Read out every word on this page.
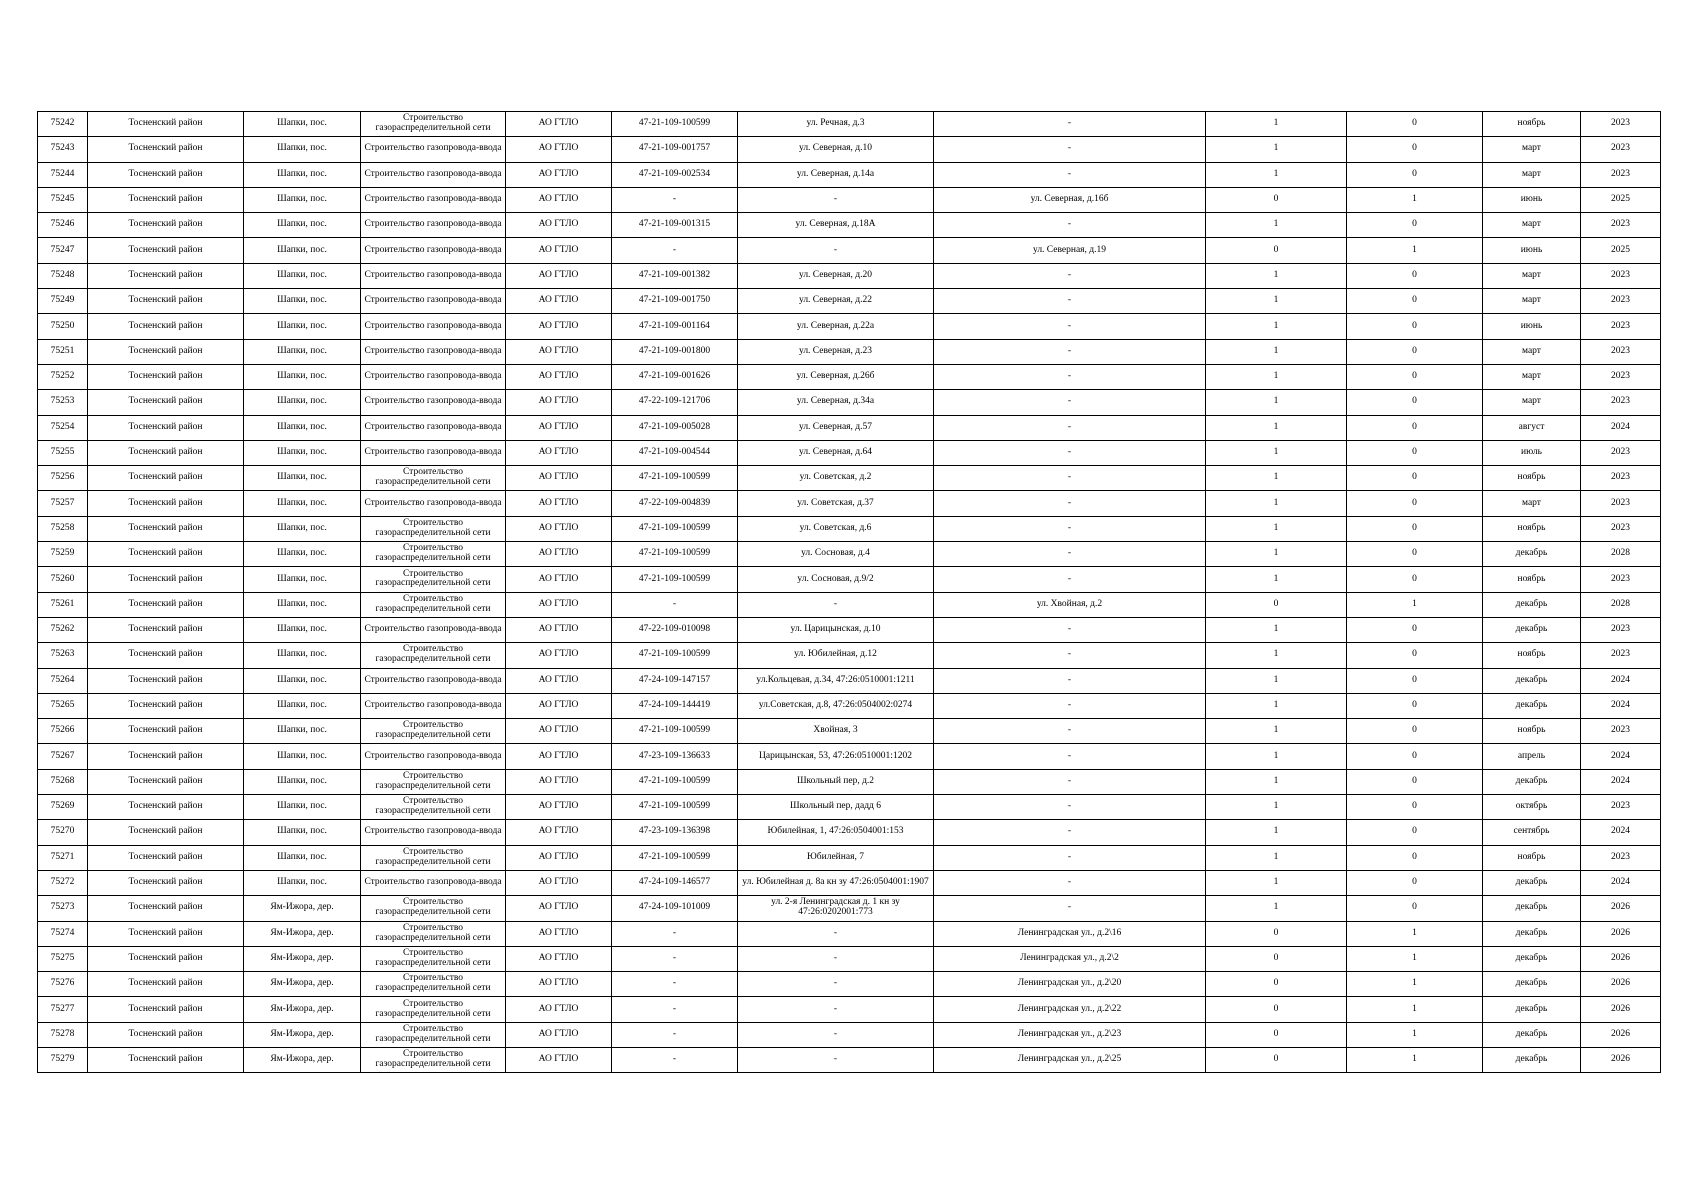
75242	Тосненский район	Шапки, пос.	Строительство газораспределительной сети	АО ГТЛО	47-21-109-100599	ул. Речная, д.3	-	1	0	ноябрь	2023
75243	Тосненский район	Шапки, пос.	Строительство газопровода-ввода	АО ГТЛО	47-21-109-001757	ул. Северная, д.10	-	1	0	март	2023
75244	Тосненский район	Шапки, пос.	Строительство газопровода-ввода	АО ГТЛО	47-21-109-002534	ул. Северная, д.14а	-	1	0	март	2023
75245	Тосненский район	Шапки, пос.	Строительство газопровода-ввода	АО ГТЛО	-	-	ул. Северная, д.16б	0	1	июнь	2025
75246	Тосненский район	Шапки, пос.	Строительство газопровода-ввода	АО ГТЛО	47-21-109-001315	ул. Северная, д.18А	-	1	0	март	2023
75247	Тосненский район	Шапки, пос.	Строительство газопровода-ввода	АО ГТЛО	-	-	ул. Северная, д.19	0	1	июнь	2025
75248	Тосненский район	Шапки, пос.	Строительство газопровода-ввода	АО ГТЛО	47-21-109-001382	ул. Северная, д.20	-	1	0	март	2023
75249	Тосненский район	Шапки, пос.	Строительство газопровода-ввода	АО ГТЛО	47-21-109-001750	ул. Северная, д.22	-	1	0	март	2023
75250	Тосненский район	Шапки, пос.	Строительство газопровода-ввода	АО ГТЛО	47-21-109-001164	ул. Северная, д.22а	-	1	0	июнь	2023
75251	Тосненский район	Шапки, пос.	Строительство газопровода-ввода	АО ГТЛО	47-21-109-001800	ул. Северная, д.23	-	1	0	март	2023
75252	Тосненский район	Шапки, пос.	Строительство газопровода-ввода	АО ГТЛО	47-21-109-001626	ул. Северная, д.26б	-	1	0	март	2023
75253	Тосненский район	Шапки, пос.	Строительство газопровода-ввода	АО ГТЛО	47-22-109-121706	ул. Северная, д.34а	-	1	0	март	2023
75254	Тосненский район	Шапки, пос.	Строительство газопровода-ввода	АО ГТЛО	47-21-109-005028	ул. Северная, д.57	-	1	0	август	2024
75255	Тосненский район	Шапки, пос.	Строительство газопровода-ввода	АО ГТЛО	47-21-109-004544	ул. Северная, д.64	-	1	0	июль	2023
75256	Тосненский район	Шапки, пос.	Строительство газораспределительной сети	АО ГТЛО	47-21-109-100599	ул. Советская, д.2	-	1	0	ноябрь	2023
75257	Тосненский район	Шапки, пос.	Строительство газопровода-ввода	АО ГТЛО	47-22-109-004839	ул. Советская, д.37	-	1	0	март	2023
75258	Тосненский район	Шапки, пос.	Строительство газораспределительной сети	АО ГТЛО	47-21-109-100599	ул. Советская, д.6	-	1	0	ноябрь	2023
75259	Тосненский район	Шапки, пос.	Строительство газораспределительной сети	АО ГТЛО	47-21-109-100599	ул. Сосновая, д.4	-	1	0	декабрь	2028
75260	Тосненский район	Шапки, пос.	Строительство газораспределительной сети	АО ГТЛО	47-21-109-100599	ул. Сосновая, д.9/2	-	1	0	ноябрь	2023
75261	Тосненский район	Шапки, пос.	Строительство газораспределительной сети	АО ГТЛО	-	-	ул. Хвойная, д.2	0	1	декабрь	2028
75262	Тосненский район	Шапки, пос.	Строительство газопровода-ввода	АО ГТЛО	47-22-109-010098	ул. Царицынская, д.10	-	1	0	декабрь	2023
75263	Тосненский район	Шапки, пос.	Строительство газораспределительной сети	АО ГТЛО	47-21-109-100599	ул. Юбилейная, д.12	-	1	0	ноябрь	2023
75264	Тосненский район	Шапки, пос.	Строительство газопровода-ввода	АО ГТЛО	47-24-109-147157	ул.Кольцевая, д.34, 47:26:0510001:1211	-	1	0	декабрь	2024
75265	Тосненский район	Шапки, пос.	Строительство газопровода-ввода	АО ГТЛО	47-24-109-144419	ул.Советская, д.8, 47:26:0504002:0274	-	1	0	декабрь	2024
75266	Тосненский район	Шапки, пос.	Строительство газораспределительной сети	АО ГТЛО	47-21-109-100599	Хвойная, 3	-	1	0	ноябрь	2023
75267	Тосненский район	Шапки, пос.	Строительство газопровода-ввода	АО ГТЛО	47-23-109-136633	Царицынская, 53, 47:26:0510001:1202	-	1	0	апрель	2024
75268	Тосненский район	Шапки, пос.	Строительство газораспределительной сети	АО ГТЛО	47-21-109-100599	Школьный пер, д.2	-	1	0	декабрь	2024
75269	Тосненский район	Шапки, пос.	Строительство газораспределительной сети	АО ГТЛО	47-21-109-100599	Школьный пер, дадд 6	-	1	0	октябрь	2023
75270	Тосненский район	Шапки, пос.	Строительство газопровода-ввода	АО ГТЛО	47-23-109-136398	Юбилейная, 1, 47:26:0504001:153	-	1	0	сентябрь	2024
75271	Тосненский район	Шапки, пос.	Строительство газораспределительной сети	АО ГТЛО	47-21-109-100599	Юбилейная, 7	-	1	0	ноябрь	2023
75272	Тосненский район	Шапки, пос.	Строительство газопровода-ввода	АО ГТЛО	47-24-109-146577	ул. Юбилейная д. 8а кн зу 47:26:0504001:1907	-	1	0	декабрь	2024
75273	Тосненский район	Ям-Ижора, дер.	Строительство газораспределительной сети	АО ГТЛО	47-24-109-101009	ул. 2-я Ленинградская д. 1 кн зу 47:26:0202001:773	-	1	0	декабрь	2026
75274	Тосненский район	Ям-Ижора, дер.	Строительство газораспределительной сети	АО ГТЛО	-	-	Ленинградская ул., д.2\16	0	1	декабрь	2026
75275	Тосненский район	Ям-Ижора, дер.	Строительство газораспределительной сети	АО ГТЛО	-	-	Ленинградская ул., д.2\2	0	1	декабрь	2026
75276	Тосненский район	Ям-Ижора, дер.	Строительство газораспределительной сети	АО ГТЛО	-	-	Ленинградская ул., д.2\20	0	1	декабрь	2026
75277	Тосненский район	Ям-Ижора, дер.	Строительство газораспределительной сети	АО ГТЛО	-	-	Ленинградская ул., д.2\22	0	1	декабрь	2026
75278	Тосненский район	Ям-Ижора, дер.	Строительство газораспределительной сети	АО ГТЛО	-	-	Ленинградская ул., д.2\23	0	1	декабрь	2026
75279	Тосненский район	Ям-Ижора, дер.	Строительство газораспределительной сети	АО ГТЛО	-	-	Ленинградская ул., д.2\25	0	1	декабрь	2026
